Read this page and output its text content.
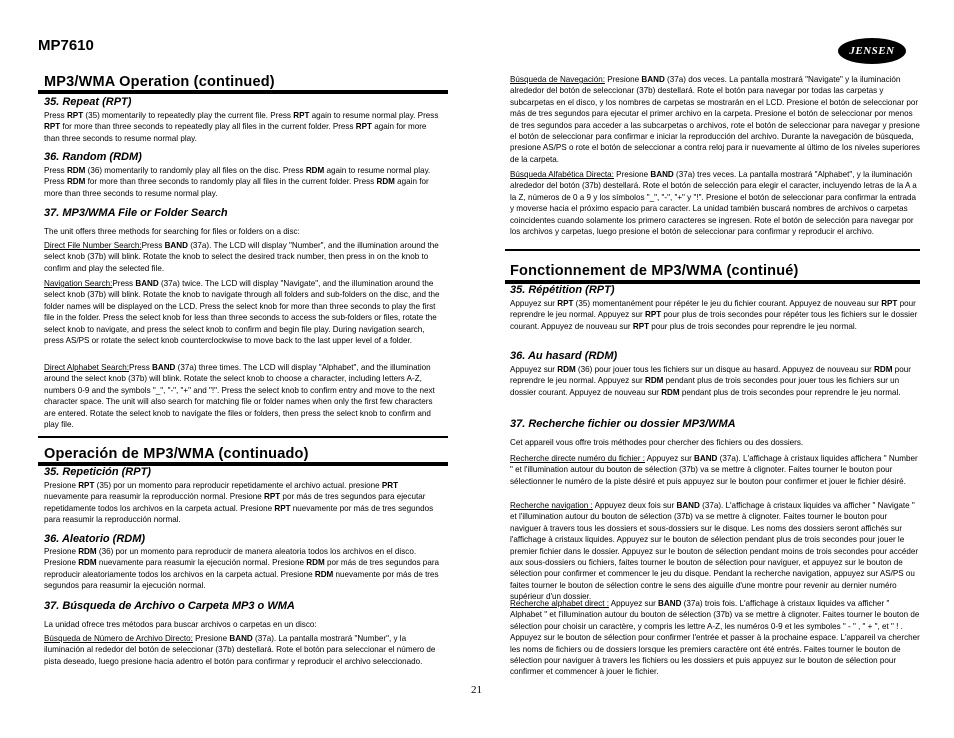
MP7610	JENSEN
MP3/WMA Operation (continued)
35. Repeat (RPT)
Press RPT (35) momentarily to repeatedly play the current file. Press RPT again to resume normal play. Press RPT for more than three seconds to repeatedly play all files in the current folder. Press RPT again for more than three seconds to resume normal play.
36. Random (RDM)
Press RDM (36) momentarily to randomly play all files on the disc. Press RDM again to resume normal play. Press RDM for more than three seconds to randomly play all files in the current folder. Press RDM again for more than three seconds to resume normal play.
37. MP3/WMA File or Folder Search
The unit offers three methods for searching for files or folders on a disc:
Direct File Number Search:Press BAND (37a). The LCD will display "Number", and the illumination around the select knob (37b) will blink. Rotate the knob to select the desired track number, then press in on the knob to confirm and play the selected file.
Navigation Search:Press BAND (37a) twice. The LCD will display "Navigate", and the illumination around the select knob (37b) will blink. Rotate the knob to navigate through all folders and sub-folders on the disc, and the folder names will be displayed on the LCD. Press the select knob for more than three seconds to play the first file in the folder. Press the select knob for less than three seconds to access the sub-folders or files, rotate the select knob to navigate, and press the select knob to confirm and begin file play. During navigation search, press AS/PS or rotate the select knob counterclockwise to move back to the last upper level of a folder.
Direct Alphabet Search:Press BAND (37a) three times. The LCD will display "Alphabet", and the illumination around the select knob (37b) will blink. Rotate the select knob to choose a character, including letters A-Z, numbers 0-9 and the symbols "_", "-", "+" and "!". Press the select knob to confirm entry and move to the next character space. The unit will also search for matching file or folder names when only the first few characters are entered. Rotate the select knob to navigate the files or folders, then press the select knob to confirm and play file.
Operación de MP3/WMA (continuado)
35. Repetición (RPT)
Presione RPT (35) por un momento para reproducir repetidamente el archivo actual. presione PRT nuevamente para reasumir la reproducción normal. Presione RPT por más de tres segundos para ejecutar repetidamente todos los archivos en la carpeta actual. Presione RPT nuevamente por más de tres segundos para reasumir la reproducción normal.
36. Aleatorio (RDM)
Presione RDM (36) por un momento para reproducir de manera aleatoria todos los archivos en el disco. Presione RDM nuevamente para reasumir la ejecución normal. Presione RDM por más de tres segundos para reproducir aleatoriamente todos los archivos en la carpeta actual. Presione RDM nuevamente por más de tres segundos para reasumir la ejecución normal.
37. Búsqueda de Archivo o Carpeta MP3 o WMA
La unidad ofrece tres métodos para buscar archivos o carpetas en un disco:
Búsqueda de Número de Archivo Directo: Presione BAND (37a). La pantalla mostrará "Number", y la iluminación al rededor del botón de seleccionar (37b) destellará. Rote el botón para seleccionar el número de pista deseado, luego presione hacia adentro el botón para confirmar y reproducir el archivo seleccionado.
Búsqueda de Navegación: Presione BAND (37a) dos veces. La pantalla mostrará "Navigate" y la iluminación alrededor del botón de seleccionar (37b) destellará. Rote el botón para navegar por todas las carpetas y subcarpetas en el disco, y los nombres de carpetas se mostrarán en el LCD. Presione el botón de seleccionar por más de tres segundos para ejecutar el primer archivo en la carpeta. Presione el botón de seleccionar por menos de tres segundos para acceder a las subcarpetas o archivos, rote el botón de seleccionar para navegar y presione el botón de seleccionar para confirmar e iniciar la reproducción del archivo. Durante la navegación de búsqueda, presione AS/PS o rote el botón de seleccionar a contra reloj para ir nuevamente al último de los niveles superiores de la carpeta.
Búsqueda Alfabética Directa: Presione BAND (37a) tres veces. La pantalla mostrará "Alphabet", y la iluminación alrededor del botón (37b) destellará. Rote el botón de selección para elegir el caracter, incluyendo letras de la A a la Z, números de 0 a 9 y los símbolos "_", "-", "+" y "!". Presione el botón de seleccionar para confirmar la entrada y moverse hacia el próximo espacio para caracter. La unidad también buscará nombres de archivos o carpetas coincidentes cuando solamente los primero caracteres se ingresen. Rote el botón de selección para navegar por los archivos y carpetas, luego presione el botón de seleccionar para confirmar y reproducir el archivo.
Fonctionnement de MP3/WMA (continué)
35. Répétition (RPT)
Appuyez sur RPT (35) momentanément pour répéter le jeu du fichier courant. Appuyez de nouveau sur RPT pour reprendre le jeu normal. Appuyez sur RPT pour plus de trois secondes pour répéter tous les fichiers sur le dossier courant. Appuyez de nouveau sur RPT pour plus de trois secondes pour reprendre le jeu normal.
36. Au hasard (RDM)
Appuyez sur RDM (36) pour jouer tous les fichiers sur un disque au hasard. Appuyez de nouveau sur RDM pour reprendre le jeu normal. Appuyez sur RDM pendant plus de trois secondes pour jouer tous les fichiers sur un dossier courant. Appuyez de nouveau sur RDM pendant plus de trois secondes pour reprendre le jeu normal.
37. Recherche fichier ou dossier MP3/WMA
Cet appareil vous offre trois méthodes pour chercher des fichiers ou des dossiers.
Recherche directe numéro du fichier : Appuyez sur BAND (37a). L'affichage à cristaux liquides affichera " Number " et l'illumination autour du bouton de sélection (37b) va se mettre à clignoter. Faites tourner le bouton pour sélectionner le numéro de la piste désiré et puis appuyez sur le bouton pour confirmer et jouer le fichier désiré.
Recherche navigation : Appuyez deux fois sur BAND (37a). L'affichage à cristaux liquides va afficher " Navigate " et l'illumination autour du bouton de sélection (37b) va se mettre à clignoter. Faites tourner le bouton pour naviguer à travers tous les dossiers et sous-dossiers sur le disque. Les noms des dossiers seront affichés sur l'affichage à cristaux liquides. Appuyez sur le bouton de sélection pendant plus de trois secondes pour jouer le premier fichier dans le dossier. Appuyez sur le bouton de sélection pendant moins de trois secondes pour accéder aux sous-dossiers ou fichiers, faites tourner le bouton de sélection pour naviguer, et appuyez sur le bouton de sélection pour confirmer et commencer le jeu du disque. Pendant la recherche navigation, appuyez sur AS/PS ou faites tourner le bouton de sélection contre le sens des aiguille d'une montre pour revenir au dernier numéro supérieur d'un dossier.
Recherche alphabet direct : Appuyez sur BAND (37a) trois fois. L'affichage à cristaux liquides va afficher " Alphabet " et l'illumination autour du bouton de sélection (37b) va se mettre à clignoter. Faites tourner le bouton de sélection pour choisir un caractère, y compris les lettre A-Z, les numéros 0-9 et les symboles " - " , " + ", et " ! . Appuyez sur le bouton de sélection pour confirmer l'entrée et passer à la prochaine espace. L'appareil va chercher les noms de fichiers ou de dossiers lorsque les premiers caractère ont été entrés. Faites tourner le bouton de sélection pour naviguer à travers les fichiers ou les dossiers et puis appuyez sur le bouton de sélection pour confirmer et commencer à jouer le fichier.
21
